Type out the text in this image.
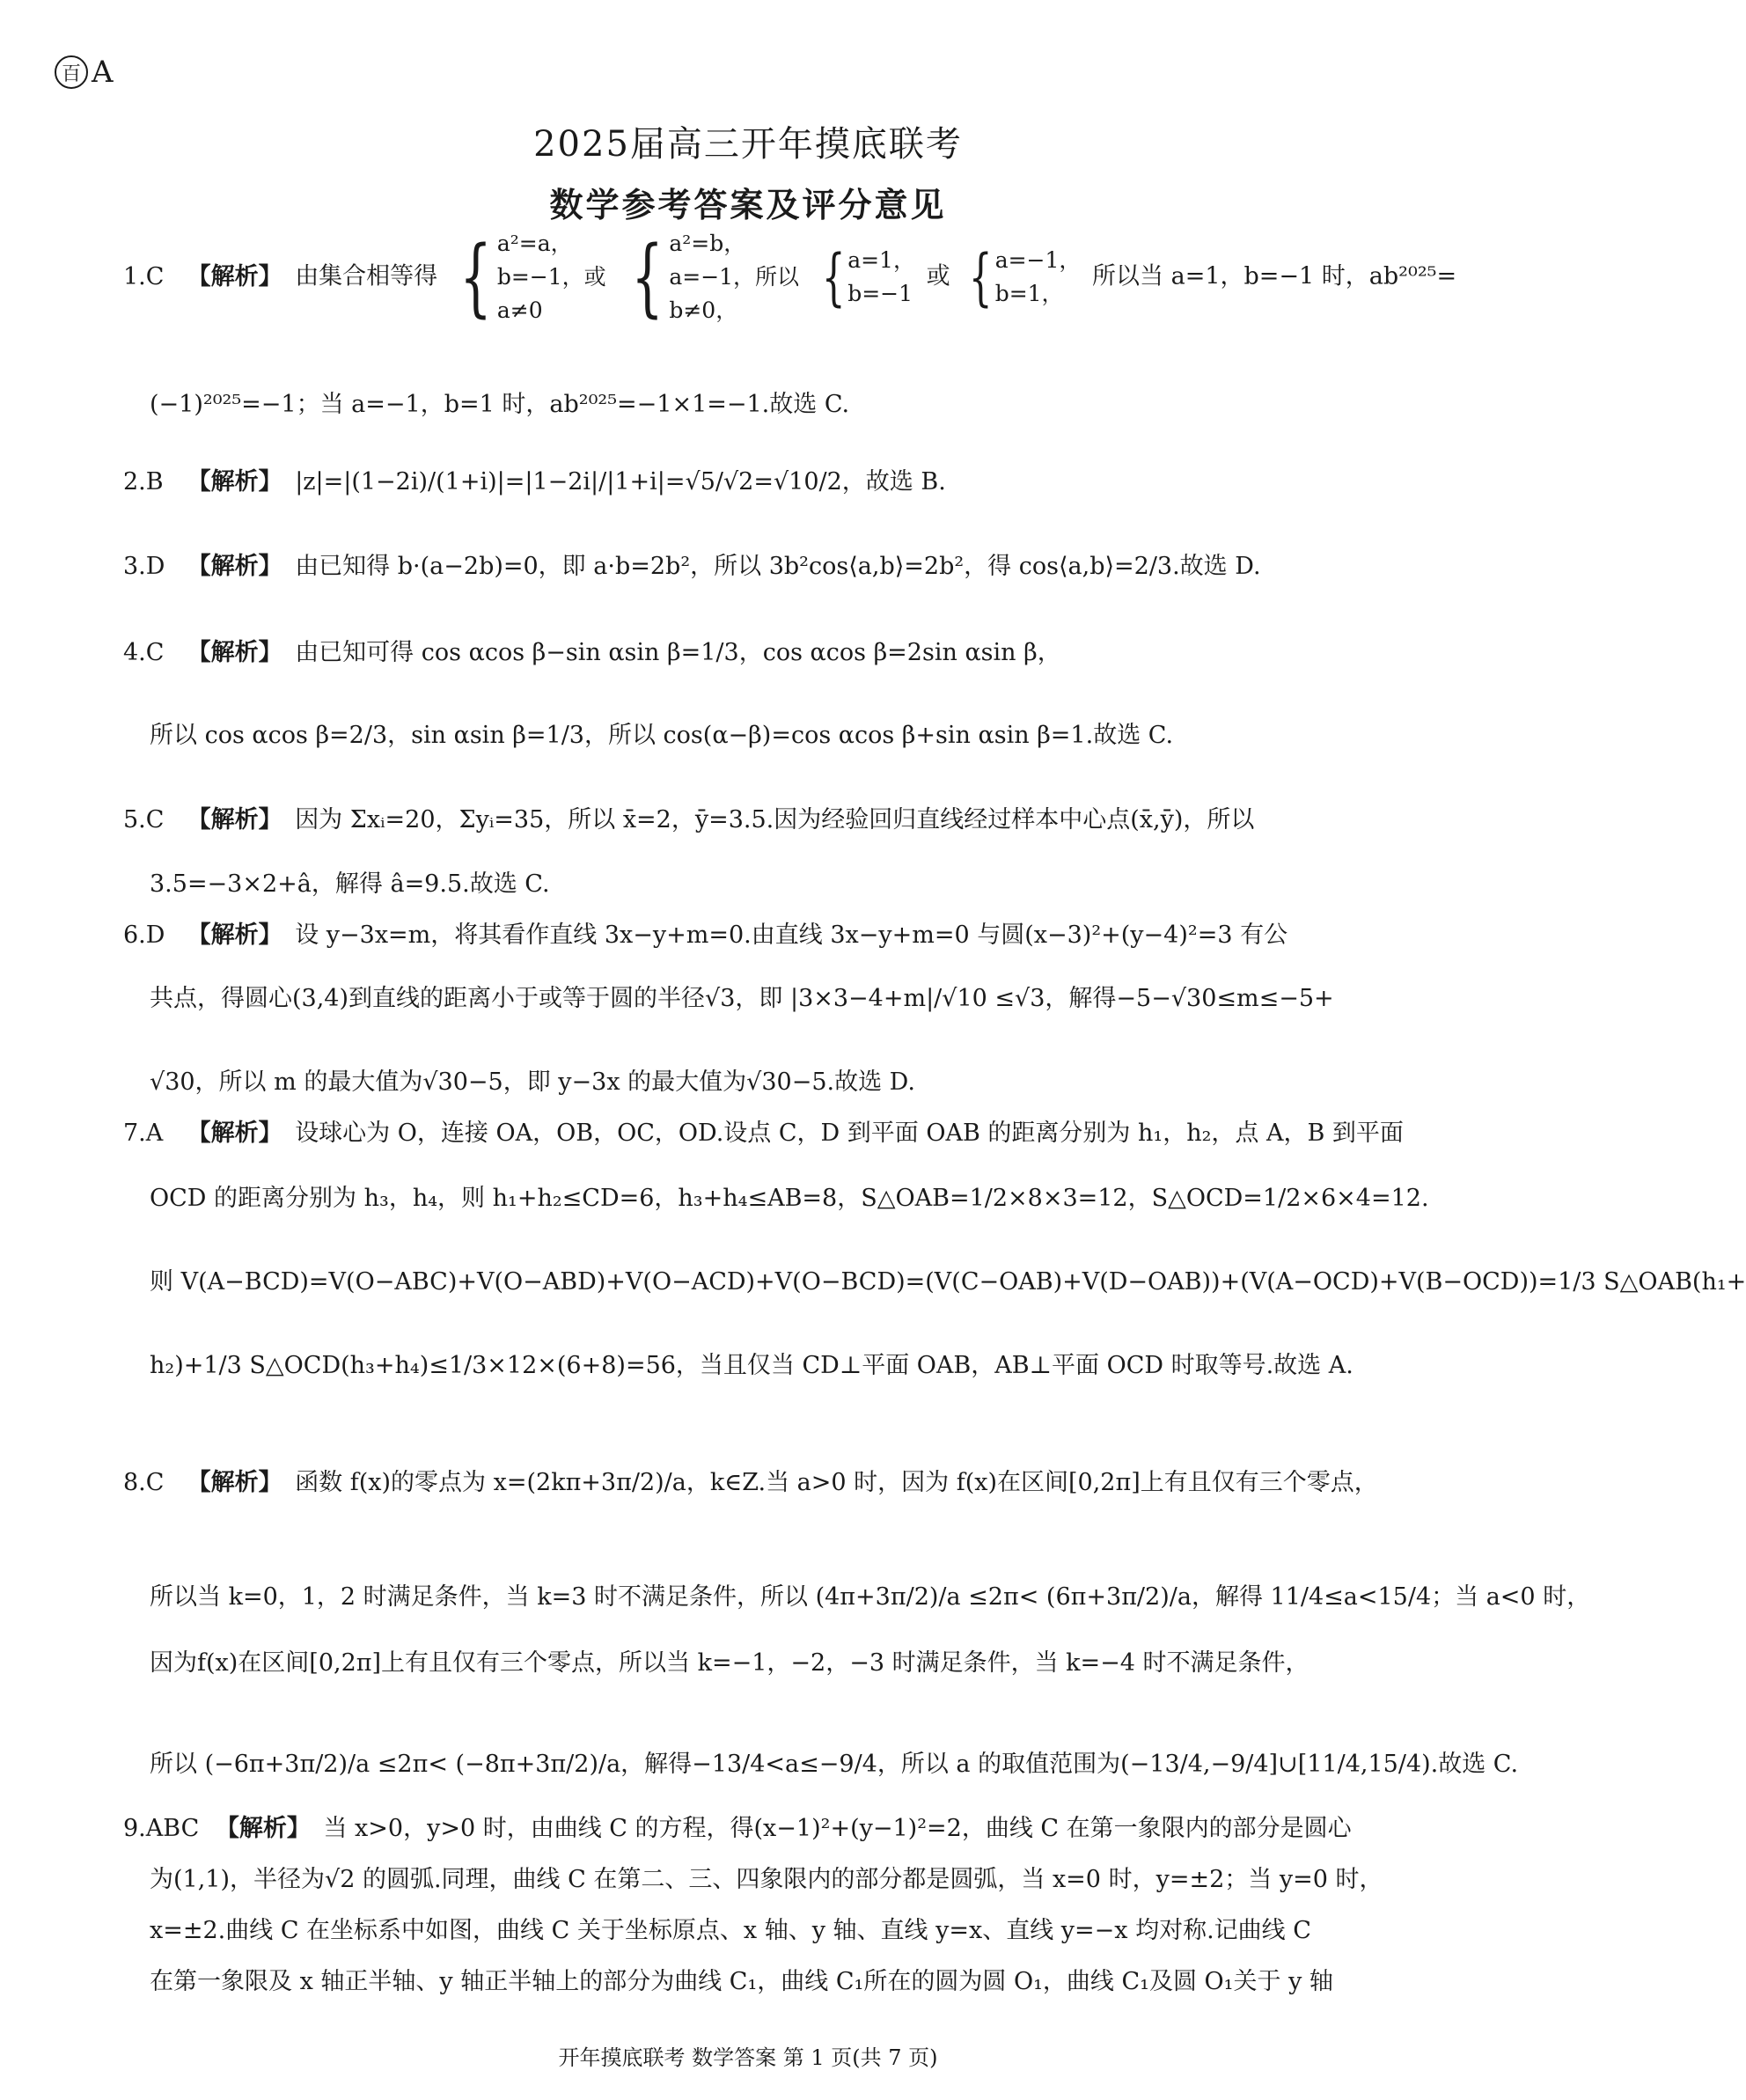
百 A
2025届高三开年摸底联考
数学参考答案及评分意见
1.C 【解析】 由集合相等得 { a²=a，
b=−1，或
a≠0
	{ a²=b，
a=−1，所以
b≠0，
	{ a=1，
b=−1
或 { a=−1，
b=1，
所以当 a=1，b=−1 时，ab²⁰²⁵=
(−1)²⁰²⁵=−1；当 a=−1，b=1 时，ab²⁰²⁵=−1×1=−1.故选 C.
2.B 【解析】 |z|=|(1−2i)/(1+i)|=|1−2i|/|1+i|=√5/√2=√10/2，故选 B.
3.D 【解析】 由已知得 b·(a−2b)=0，即 a·b=2b²，所以 3b²cos⟨a,b⟩=2b²，得 cos⟨a,b⟩=2/3.故选 D.
4.C 【解析】 由已知可得 cos αcos β−sin αsin β=1/3，cos αcos β=2sin αsin β，
所以 cos αcos β=2/3，sin αsin β=1/3，所以 cos(α−β)=cos αcos β+sin αsin β=1.故选 C.
5.C 【解析】 因为 Σxᵢ=20，Σyᵢ=35，所以 x̄=2，ȳ=3.5.因为经验回归直线经过样本中心点(x̄,ȳ)，所以
3.5=−3×2+â，解得 â=9.5.故选 C.
6.D 【解析】 设 y−3x=m，将其看作直线 3x−y+m=0.由直线 3x−y+m=0 与圆(x−3)²+(y−4)²=3 有公
共点，得圆心(3,4)到直线的距离小于或等于圆的半径√3，即 |3×3−4+m|/√10 ≤√3，解得−5−√30≤m≤−5+
√30，所以 m 的最大值为√30−5，即 y−3x 的最大值为√30−5.故选 D.
7.A 【解析】 设球心为 O，连接 OA，OB，OC，OD.设点 C，D 到平面 OAB 的距离分别为 h₁，h₂，点 A，B 到平面
OCD 的距离分别为 h₃，h₄，则 h₁+h₂≤CD=6，h₃+h₄≤AB=8，S△OAB=1/2×8×3=12，S△OCD=1/2×6×4=12.
则 V(A−BCD)=V(O−ABC)+V(O−ABD)+V(O−ACD)+V(O−BCD)=(V(C−OAB)+V(D−OAB))+(V(A−OCD)+V(B−OCD))=1/3 S△OAB(h₁+
h₂)+1/3 S△OCD(h₃+h₄)≤1/3×12×(6+8)=56，当且仅当 CD⊥平面 OAB，AB⊥平面 OCD 时取等号.故选 A.
8.C 【解析】 函数 f(x)的零点为 x=(2kπ+3π/2)/a，k∈Z.当 a>0 时，因为 f(x)在区间[0,2π]上有且仅有三个零点，
所以当 k=0，1，2 时满足条件，当 k=3 时不满足条件，所以 (4π+3π/2)/a ≤2π< (6π+3π/2)/a，解得 11/4≤a<15/4；当 a<0 时，
因为f(x)在区间[0,2π]上有且仅有三个零点，所以当 k=−1，−2，−3 时满足条件，当 k=−4 时不满足条件，
所以 (−6π+3π/2)/a ≤2π< (−8π+3π/2)/a，解得−13/4<a≤−9/4，所以 a 的取值范围为(−13/4,−9/4]∪[11/4,15/4).故选 C.
9.ABC 【解析】 当 x>0，y>0 时，由曲线 C 的方程，得(x−1)²+(y−1)²=2，曲线 C 在第一象限内的部分是圆心
为(1,1)，半径为√2 的圆弧.同理，曲线 C 在第二、三、四象限内的部分都是圆弧，当 x=0 时，y=±2；当 y=0 时，
x=±2.曲线 C 在坐标系中如图，曲线 C 关于坐标原点、x 轴、y 轴、直线 y=x、直线 y=−x 均对称.记曲线 C
在第一象限及 x 轴正半轴、y 轴正半轴上的部分为曲线 C₁，曲线 C₁所在的圆为圆 O₁，曲线 C₁及圆 O₁关于 y 轴
开年摸底联考 数学答案 第 1 页(共 7 页)
